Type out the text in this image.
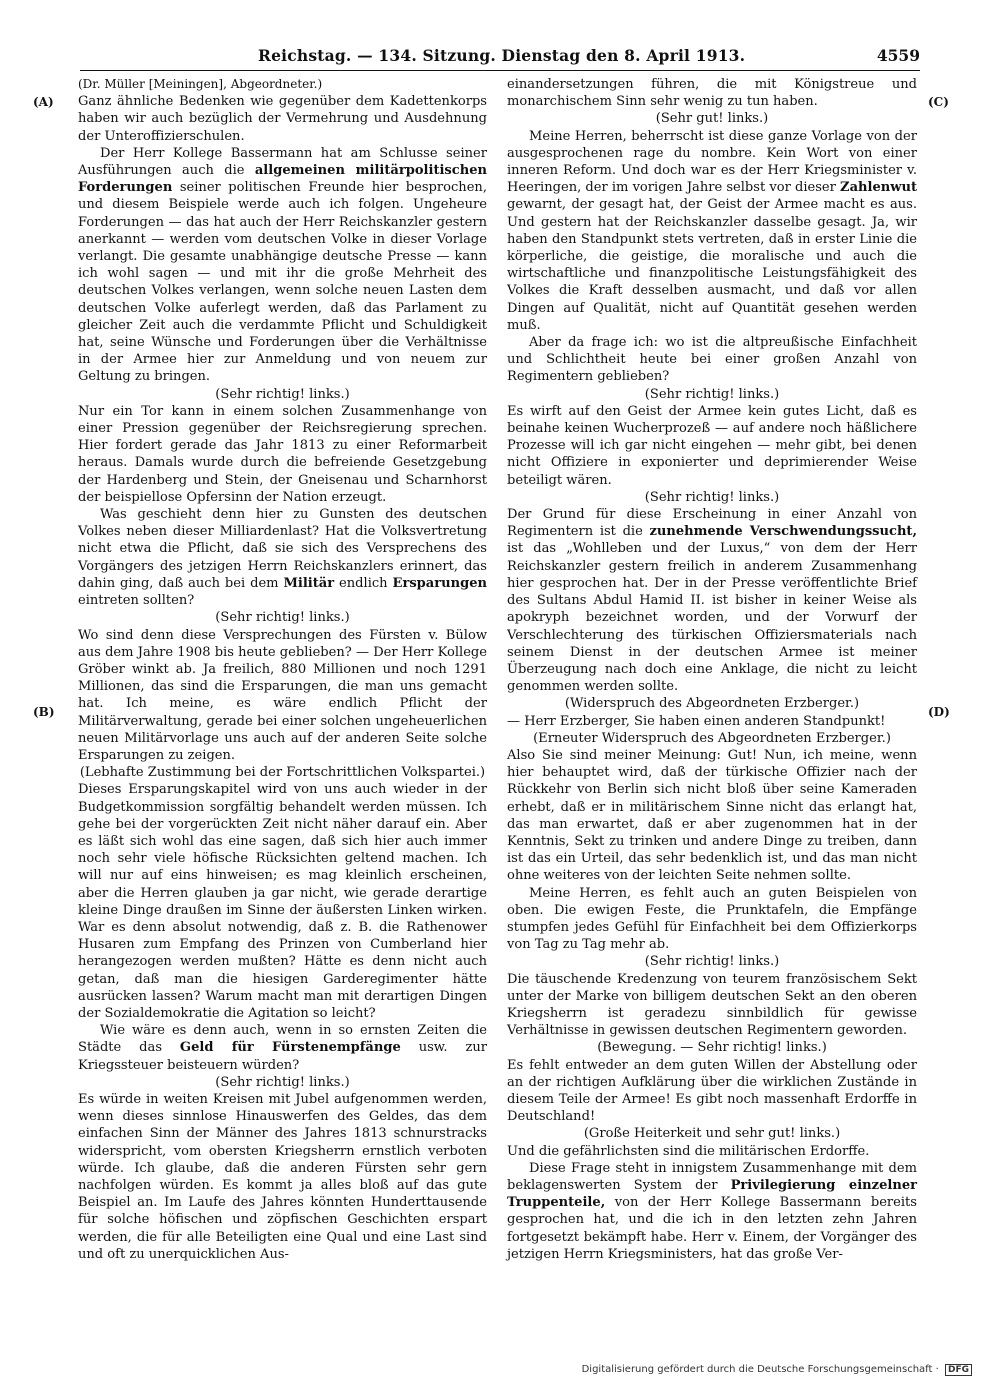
Reichstag. — 134. Sitzung. Dienstag den 8. April 1913.	4559
(A)
(B)
(C)
(D)

(Dr. Müller [Meiningen], Abgeordneter.)

Ganz ähnliche Bedenken wie gegenüber dem Kadettenkorps haben wir auch bezüglich der Vermehrung und Ausdehnung der Unteroffizierschulen.

Der Herr Kollege Bassermann hat am Schlusse seiner Ausführungen auch die allgemeinen militärpolitischen Forderungen seiner politischen Freunde hier besprochen, und diesem Beispiele werde auch ich folgen. Ungeheure Forderungen — das hat auch der Herr Reichskanzler gestern anerkannt — werden vom deutschen Volke in dieser Vorlage verlangt. Die gesamte unabhängige deutsche Presse — kann ich wohl sagen — und mit ihr die große Mehrheit des deutschen Volkes verlangen, wenn solche neuen Lasten dem deutschen Volke auferlegt werden, daß das Parlament zu gleicher Zeit auch die verdammte Pflicht und Schuldigkeit hat, seine Wünsche und Forderungen über die Verhältnisse in der Armee hier zur Anmeldung und von neuem zur Geltung zu bringen.

(Sehr richtig! links.)

Nur ein Tor kann in einem solchen Zusammenhange von einer Pression gegenüber der Reichsregierung sprechen. Hier fordert gerade das Jahr 1813 zu einer Reformarbeit heraus. Damals wurde durch die befreiende Gesetzgebung der Hardenberg und Stein, der Gneisenau und Scharnhorst der beispiellose Opfersinn der Nation erzeugt.

Was geschieht denn hier zu Gunsten des deutschen Volkes neben dieser Milliardenlast? Hat die Volksvertretung nicht etwa die Pflicht, daß sie sich des Versprechens des Vorgängers des jetzigen Herrn Reichskanzlers erinnert, das dahin ging, daß auch bei dem Militär endlich Ersparungen eintreten sollten?

(Sehr richtig! links.)

Wo sind denn diese Versprechungen des Fürsten v. Bülow aus dem Jahre 1908 bis heute geblieben? — Der Herr Kollege Gröber winkt ab. Ja freilich, 880 Millionen und noch 1291 Millionen, das sind die Ersparungen, die man uns gemacht hat. Ich meine, es wäre endlich Pflicht der Militärverwaltung, gerade bei einer solchen ungeheuerlichen neuen Militärvorlage uns auch auf der anderen Seite solche Ersparungen zu zeigen.

(Lebhafte Zustimmung bei der Fortschrittlichen Volkspartei.)

Dieses Ersparungskapitel wird von uns auch wieder in der Budgetkommission sorgfältig behandelt werden müssen. Ich gehe bei der vorgerückten Zeit nicht näher darauf ein. Aber es läßt sich wohl das eine sagen, daß sich hier auch immer noch sehr viele höfische Rücksichten geltend machen. Ich will nur auf eins hinweisen; es mag kleinlich erscheinen, aber die Herren glauben ja gar nicht, wie gerade derartige kleine Dinge draußen im Sinne der äußersten Linken wirken. War es denn absolut notwendig, daß z. B. die Rathenower Husaren zum Empfang des Prinzen von Cumberland hier herangezogen werden mußten? Hätte es denn nicht auch getan, daß man die hiesigen Garderegimenter hätte ausrücken lassen? Warum macht man mit derartigen Dingen der Sozialdemokratie die Agitation so leicht?

Wie wäre es denn auch, wenn in so ernsten Zeiten die Städte das Geld für Fürstenempfänge usw. zur Kriegssteuer beisteuern würden?

(Sehr richtig! links.)

Es würde in weiten Kreisen mit Jubel aufgenommen werden, wenn dieses sinnlose Hinauswerfen des Geldes, das dem einfachen Sinn der Männer des Jahres 1813 schnurstracks widerspricht, vom obersten Kriegsherrn ernstlich verboten würde. Ich glaube, daß die anderen Fürsten sehr gern nachfolgen würden. Es kommt ja alles bloß auf das gute Beispiel an. Im Laufe des Jahres könnten Hunderttausende für solche höfischen und zöpfischen Geschichten erspart werden, die für alle Beteiligten eine Qual und eine Last sind und oft zu unerquicklichen Aus-

einandersetzungen führen, die mit Königstreue und monarchischem Sinn sehr wenig zu tun haben.

(Sehr gut! links.)

Meine Herren, beherrscht ist diese ganze Vorlage von der ausgesprochenen rage du nombre. Kein Wort von einer inneren Reform. Und doch war es der Herr Kriegsminister v. Heeringen, der im vorigen Jahre selbst vor dieser Zahlenwut gewarnt, der gesagt hat, der Geist der Armee macht es aus. Und gestern hat der Reichskanzler dasselbe gesagt. Ja, wir haben den Standpunkt stets vertreten, daß in erster Linie die körperliche, die geistige, die moralische und auch die wirtschaftliche und finanzpolitische Leistungsfähigkeit des Volkes die Kraft desselben ausmacht, und daß vor allen Dingen auf Qualität, nicht auf Quantität gesehen werden muß.

Aber da frage ich: wo ist die altpreußische Einfachheit und Schlichtheit heute bei einer großen Anzahl von Regimentern geblieben?

(Sehr richtig! links.)

Es wirft auf den Geist der Armee kein gutes Licht, daß es beinahe keinen Wucherprozeß — auf andere noch häßlichere Prozesse will ich gar nicht eingehen — mehr gibt, bei denen nicht Offiziere in exponierter und deprimierender Weise beteiligt wären.

(Sehr richtig! links.)

Der Grund für diese Erscheinung in einer Anzahl von Regimentern ist die zunehmende Verschwendungssucht, ist das „Wohlleben und der Luxus,“ von dem der Herr Reichskanzler gestern freilich in anderem Zusammenhang hier gesprochen hat. Der in der Presse veröffentlichte Brief des Sultans Abdul Hamid II. ist bisher in keiner Weise als apokryph bezeichnet worden, und der Vorwurf der Verschlechterung des türkischen Offiziersmaterials nach seinem Dienst in der deutschen Armee ist meiner Überzeugung nach doch eine Anklage, die nicht zu leicht genommen werden sollte.

(Widerspruch des Abgeordneten Erzberger.)

— Herr Erzberger, Sie haben einen anderen Standpunkt!

(Erneuter Widerspruch des Abgeordneten Erzberger.)

Also Sie sind meiner Meinung: Gut! Nun, ich meine, wenn hier behauptet wird, daß der türkische Offizier nach der Rückkehr von Berlin sich nicht bloß über seine Kameraden erhebt, daß er in militärischem Sinne nicht das erlangt hat, das man erwartet, daß er aber zugenommen hat in der Kenntnis, Sekt zu trinken und andere Dinge zu treiben, dann ist das ein Urteil, das sehr bedenklich ist, und das man nicht ohne weiteres von der leichten Seite nehmen sollte.

Meine Herren, es fehlt auch an guten Beispielen von oben. Die ewigen Feste, die Prunktafeln, die Empfänge stumpfen jedes Gefühl für Einfachheit bei dem Offizierkorps von Tag zu Tag mehr ab.

(Sehr richtig! links.)

Die täuschende Kredenzung von teurem französischem Sekt unter der Marke von billigem deutschen Sekt an den oberen Kriegsherrn ist geradezu sinnbildlich für gewisse Verhältnisse in gewissen deutschen Regimentern geworden.

(Bewegung. — Sehr richtig! links.)

Es fehlt entweder an dem guten Willen der Abstellung oder an der richtigen Aufklärung über die wirklichen Zustände in diesem Teile der Armee! Es gibt noch massenhaft Erdorffe in Deutschland!

(Große Heiterkeit und sehr gut! links.)

Und die gefährlichsten sind die militärischen Erdorffe.

Diese Frage steht in innigstem Zusammenhange mit dem beklagenswerten System der Privilegierung einzelner Truppenteile, von der Herr Kollege Bassermann bereits gesprochen hat, und die ich in den letzten zehn Jahren fortgesetzt bekämpft habe. Herr v. Einem, der Vorgänger des jetzigen Herrn Kriegsministers, hat das große Ver-

Digitalisierung gefördert durch die Deutsche Forschungsgemeinschaft · DFG
